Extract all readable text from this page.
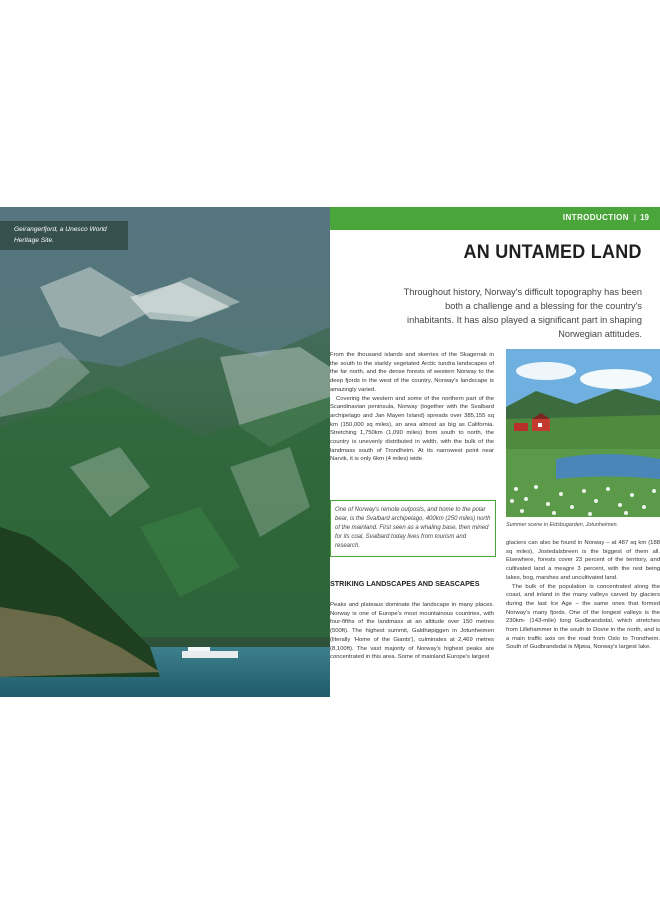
Geirangerfjord, a Unesco World Heritage Site.
INTRODUCTION | 19
AN UNTAMED LAND
Throughout history, Norway's difficult topography has been both a challenge and a blessing for the country's inhabitants. It has also played a significant part in shaping Norwegian attitudes.

From the thousand islands and skerries of the Skagerrak in the south to the starkly vegetated Arctic tundra landscapes of the far north, and the dense forests of western Norway to the deep fjords in the west of the country, Norway's landscape is amazingly varied.

Covering the western and some of the northern part of the Scandinavian peninsula, Norway (together with the Svalbard archipelago and Jan Mayen Island) spreads over 385,155 sq km (150,000 sq miles), an area almost as big as California. Stretching 1,750km (1,090 miles) from south to north, the country is unevenly distributed in width, with the bulk of the landmass south of Trondheim. At its narrowest point near Narvik, it is only 6km (4 miles) wide.

One of Norway's remote outposts, and home to the polar bear, is the Svalbard archipelago, 400km (250 miles) north of the mainland. First seen as a whaling base, then mined for its coal, Svalbard today lives from tourism and research.
STRIKING LANDSCAPES AND SEASCAPES
Peaks and plateaus dominate the landscape in many places. Norway is one of Europe's most mountainous countries, with four-fifths of the landmass at an altitude over 150 metres (500ft). The highest summit, Galdhøpiggen in Jotunheimen (literally 'Home of the Giants'), culminates at 2,469 metres (8,100ft). The vast majority of Norway's highest peaks are concentrated in this area. Some of mainland Europe's largest
Summer scene in Eidsbugarden, Jotunheimen.

glaciers can also be found in Norway – at 487 sq km (188 sq miles), Jostedalsbreen is the biggest of them all. Elsewhere, forests cover 23 percent of the territory, and cultivated land a meagre 3 percent, with the rest being lakes, bog, marshes and uncultivated land.

The bulk of the population is concentrated along the coast, and inland in the many valleys carved by glaciers during the last Ice Age – the same ones that formed Norway's many fjords. One of the longest valleys is the 230km- (143-mile) long Gudbrandsdal, which stretches from Lillehammer in the south to Dovre in the north, and is a main traffic axis on the road from Oslo to Trondheim. South of Gudbrandsdal is Mjøsa, Norway's largest lake.
